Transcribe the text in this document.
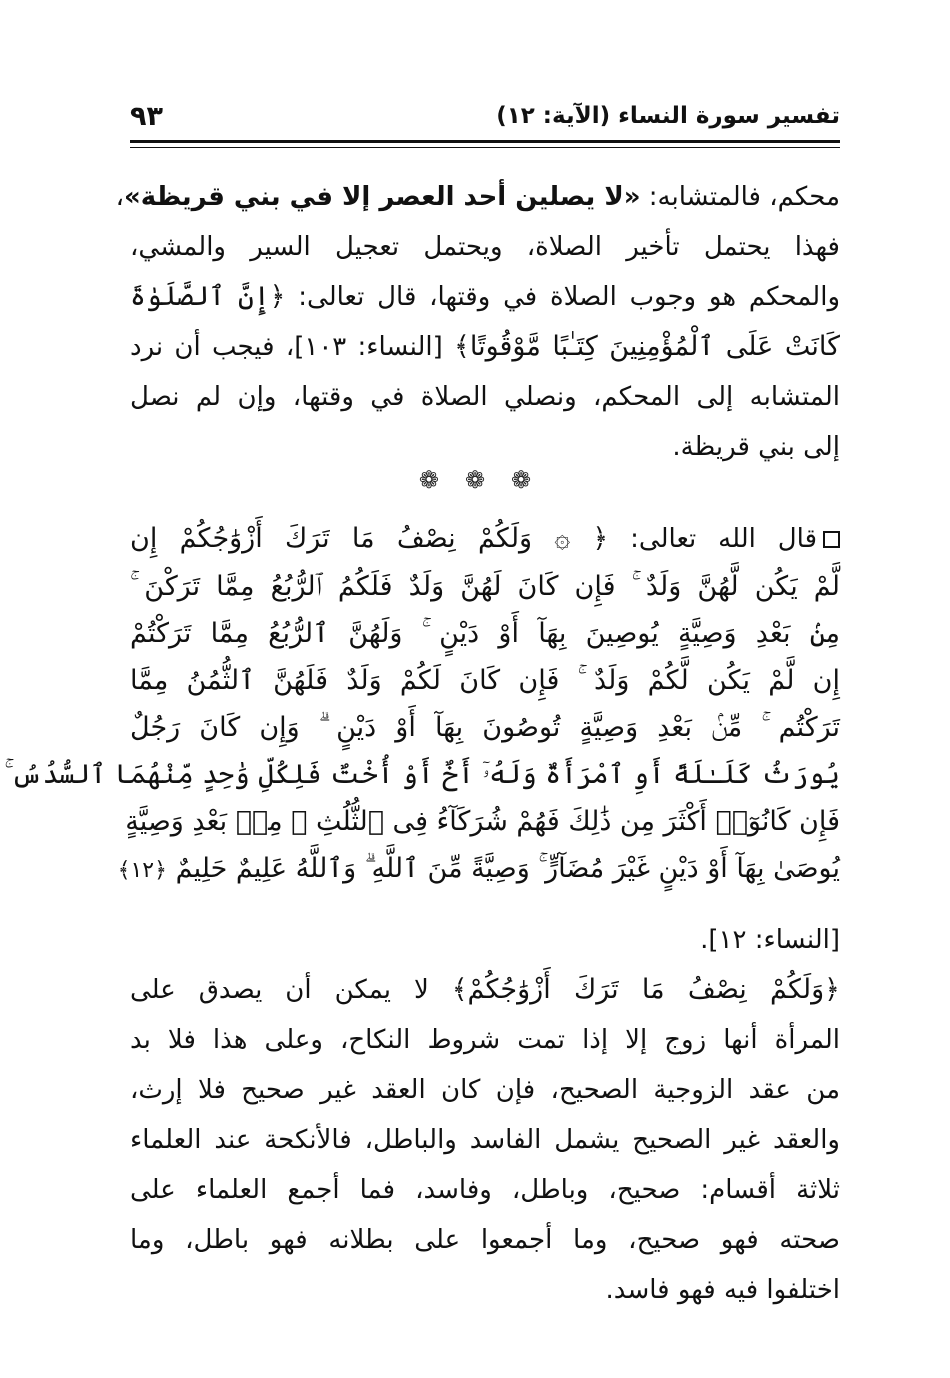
تفسير سورة النساء (الآية: ١٢)
٩٣
محكم، فالمتشابه: «لا يصلين أحد العصر إلا في بني قريظة»،
فهذا يحتمل تأخير الصلاة، ويحتمل تعجيل السير والمشي،
والمحكم هو وجوب الصلاة في وقتها، قال تعالى: ﴿إِنَّ ٱلصَّلَوٰةَ
كَانَتْ عَلَى ٱلْمُؤْمِنِينَ كِتَـٰبًا مَّوْقُوتًا﴾ [النساء: ١٠٣]، فيجب أن نرد
المتشابه إلى المحكم، ونصلي الصلاة في وقتها، وإن لم نصل
إلى بني قريظة.
❁ ❁ ❁
قال الله تعالى: ﴿ ۞ وَلَكُمْ نِصْفُ مَا تَرَكَ أَزْوَٰجُكُمْ إِن
لَّمْ يَكُن لَّهُنَّ وَلَدٌ ۚ فَإِن كَانَ لَهُنَّ وَلَدٌ فَلَكُمُ ٱلرُّبُعُ مِمَّا تَرَكْنَ ۚ
مِنۢ بَعْدِ وَصِيَّةٍ يُوصِينَ بِهَآ أَوْ دَيْنٍ ۚ وَلَهُنَّ ٱلرُّبُعُ مِمَّا تَرَكْتُمْ
إِن لَّمْ يَكُن لَّكُمْ وَلَدٌ ۚ فَإِن كَانَ لَكُمْ وَلَدٌ فَلَهُنَّ ٱلثُّمُنُ مِمَّا
تَرَكْتُم ۚ مِّنۢ بَعْدِ وَصِيَّةٍ تُوصُونَ بِهَآ أَوْ دَيْنٍ ۗ وَإِن كَانَ رَجُلٌ
يُورَثُ كَلَـٰلَةً أَوِ ٱمْرَأَةٌ وَلَهُۥٓ أَخٌ أَوْ أُخْتٌ فَلِكُلِّ وَٰحِدٍ مِّنْهُمَا ٱلسُّدُسُ ۚ
فَإِن كَانُوٓا۟ أَكْثَرَ مِن ذَٰلِكَ فَهُمْ شُرَكَآءُ فِى ٱلثُّلُثِ ۚ مِنۢ بَعْدِ وَصِيَّةٍ
يُوصَىٰ بِهَآ أَوْ دَيْنٍ غَيْرَ مُضَآرٍّ ۚ وَصِيَّةً مِّنَ ٱللَّهِ ۗ وَٱللَّهُ عَلِيمٌ حَلِيمٌ ﴿١٢﴾
[النساء: ١٢].
﴿وَلَكُمْ نِصْفُ مَا تَرَكَ أَزْوَٰجُكُمْ﴾ لا يمكن أن يصدق على
المرأة أنها زوج إلا إذا تمت شروط النكاح، وعلى هذا فلا بد
من عقد الزوجية الصحيح، فإن كان العقد غير صحيح فلا إرث،
والعقد غير الصحيح يشمل الفاسد والباطل، فالأنكحة عند العلماء
ثلاثة أقسام: صحيح، وباطل، وفاسد، فما أجمع العلماء على
صحته فهو صحيح، وما أجمعوا على بطلانه فهو باطل، وما
اختلفوا فيه فهو فاسد.
